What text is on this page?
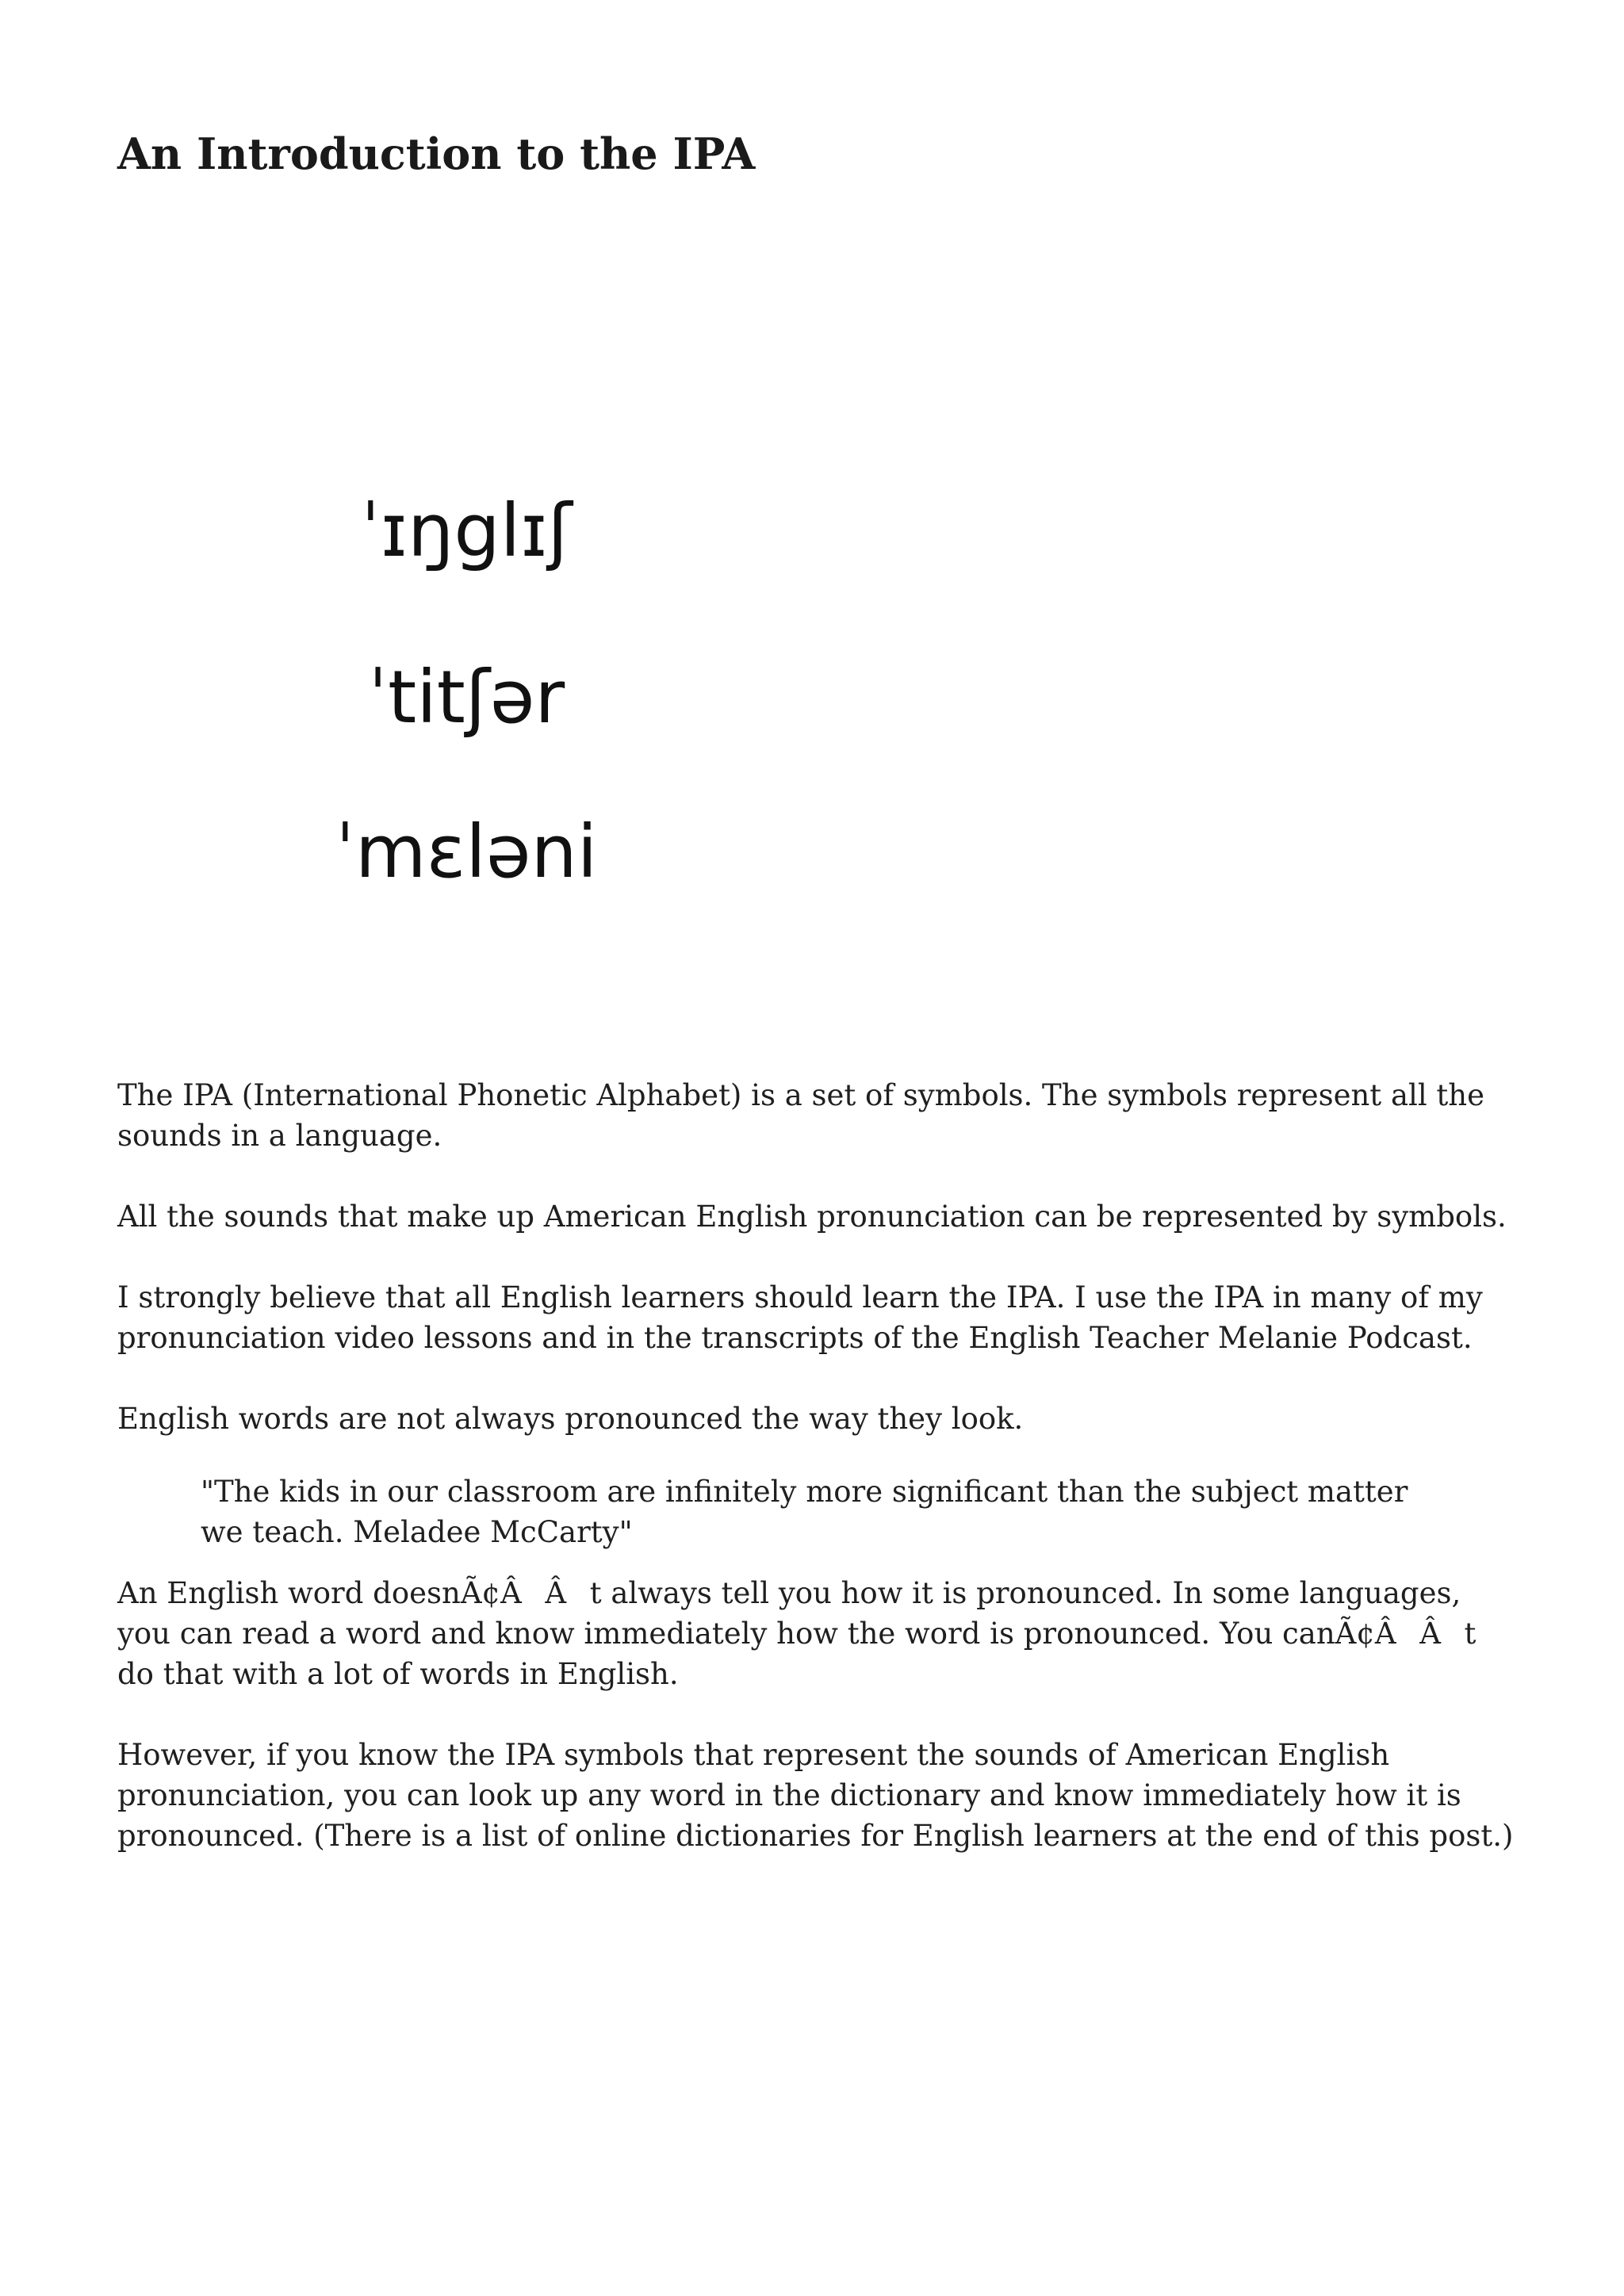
An Introduction to the IPA
ˈɪŋglɪʃ
ˈtitʃər
ˈmɛləni

The IPA (International Phonetic Alphabet) is a set of symbols. The symbols represent all the sounds in a language.

All the sounds that make up American English pronunciation can be represented by symbols.

I strongly believe that all English learners should learn the IPA. I use the IPA in many of my pronunciation video lessons and in the transcripts of the English Teacher Melanie Podcast.

English words are not always pronounced the way they look.

"The kids in our classroom are infinitely more significant than the subject matter we teach. Meladee McCarty"

An English word doesnÃ¢ÂÂt always tell you how it is pronounced. In some languages, you can read a word and know immediately how the word is pronounced. You canÃ¢ÂÂt do that with a lot of words in English.

However, if you know the IPA symbols that represent the sounds of American English pronunciation, you can look up any word in the dictionary and know immediately how it is pronounced. (There is a list of online dictionaries for English learners at the end of this post.)
